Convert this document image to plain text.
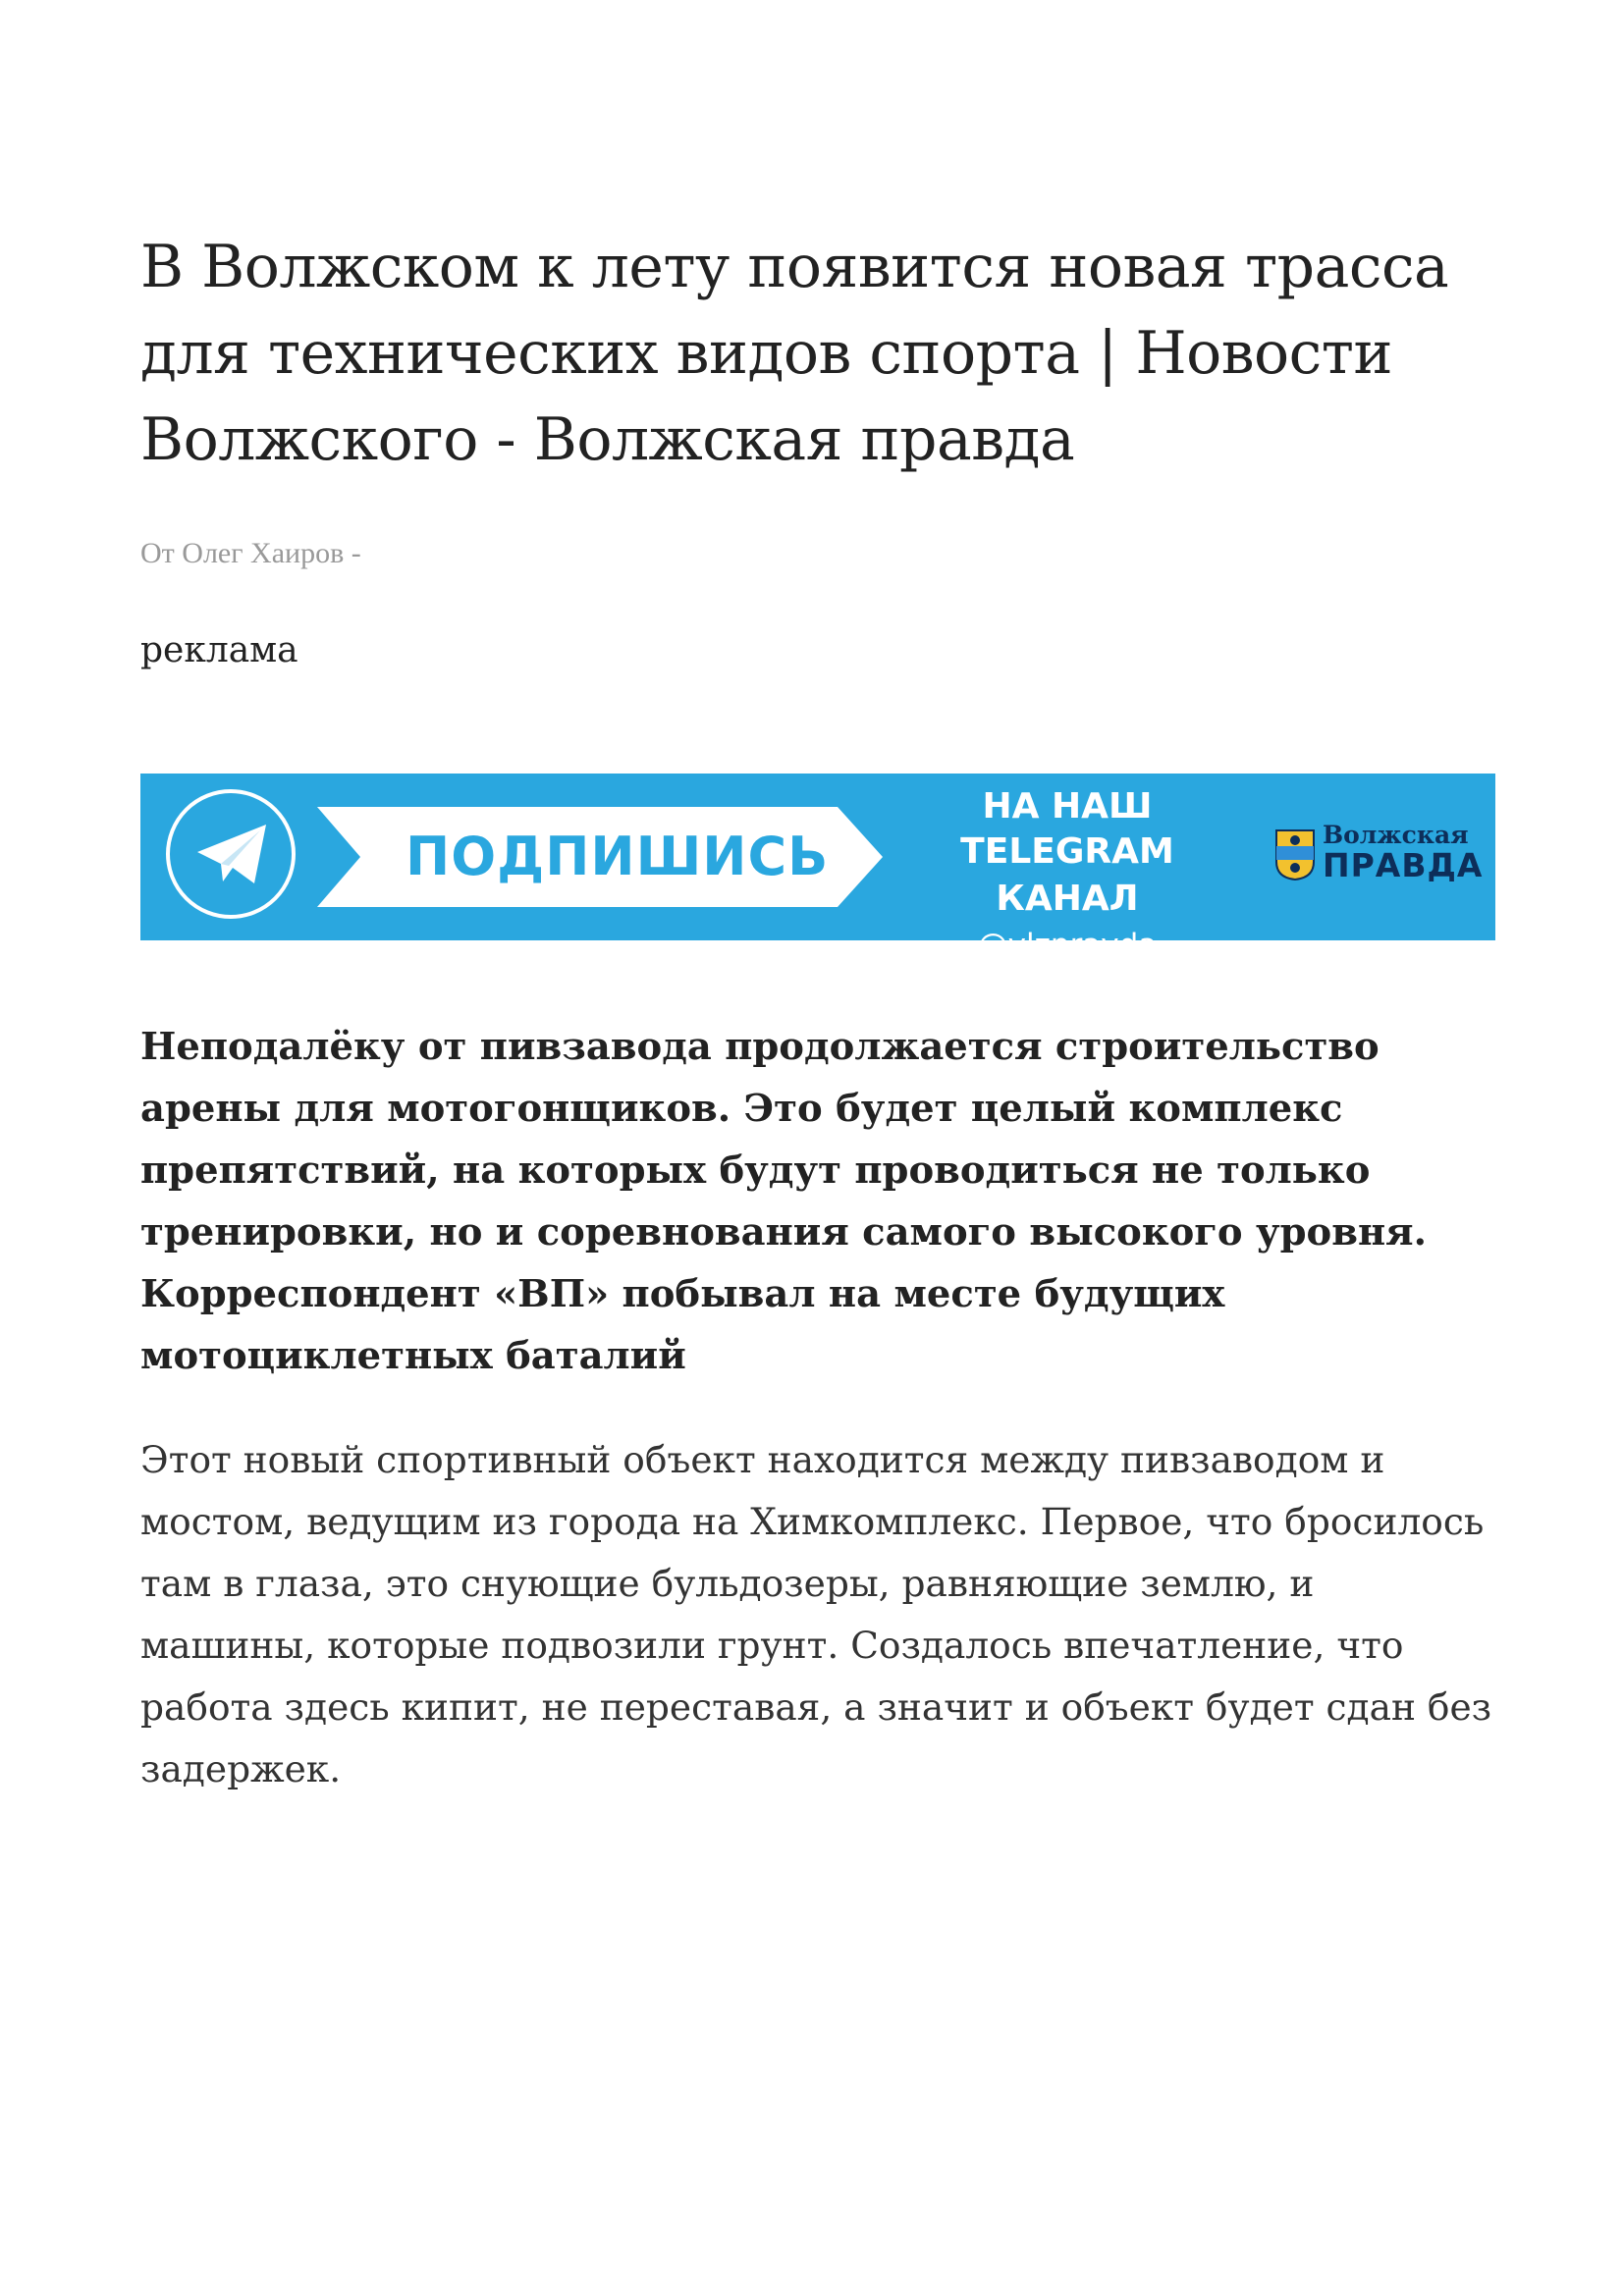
В Волжском к лету появится новая трасса для технических видов спорта | Новости Волжского - Волжская правда
От Олег Хаиров -
реклама
ПОДПИШИСЬ
НА НАШ
TELEGRAM КАНАЛ
@vlzpravda
Волжская
ПРАВДА

Неподалёку от пивзавода продолжается строительство арены для мотогонщиков. Это будет целый комплекс препятствий, на которых будут проводиться не только тренировки, но и соревнования самого высокого уровня. Корреспондент «ВП» побывал на месте будущих мотоциклетных баталий

Этот новый спортивный объект находится между пивзаводом и мостом, ведущим из города на Химкомплекс. Первое, что бросилось там в глаза, это снующие бульдозеры, равняющие землю, и машины, которые подвозили грунт. Создалось впечатление, что работа здесь кипит, не переставая, а значит и объект будет сдан без задержек.
